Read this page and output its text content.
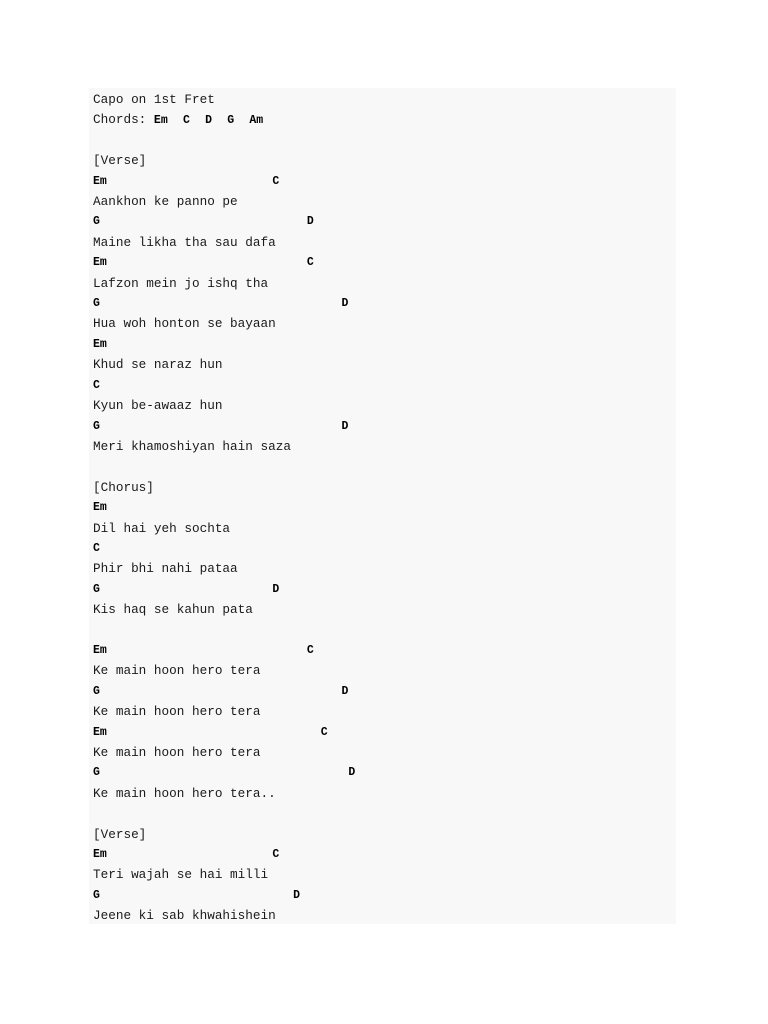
Capo on 1st Fret
Chords: Em C D G Am

[Verse]
Em                        C
Aankhon ke panno pe
G                              D
Maine likha tha sau dafa
Em                             C
Lafzon mein jo ishq tha
G                                   D
Hua woh honton se bayaan
Em
Khud se naraz hun
C
Kyun be-awaaz hun
G                                   D
Meri khamoshiyan hain saza

[Chorus]
Em
Dil hai yeh sochta
C
Phir bhi nahi pataa
G                         D
Kis haq se kahun pata

Em                             C
Ke main hoon hero tera
G                                   D
Ke main hoon hero tera
Em                               C
Ke main hoon hero tera
G                                    D
Ke main hoon hero tera..

[Verse]
Em                        C
Teri wajah se hai milli
G                            D
Jeene ki sab khwahishein
